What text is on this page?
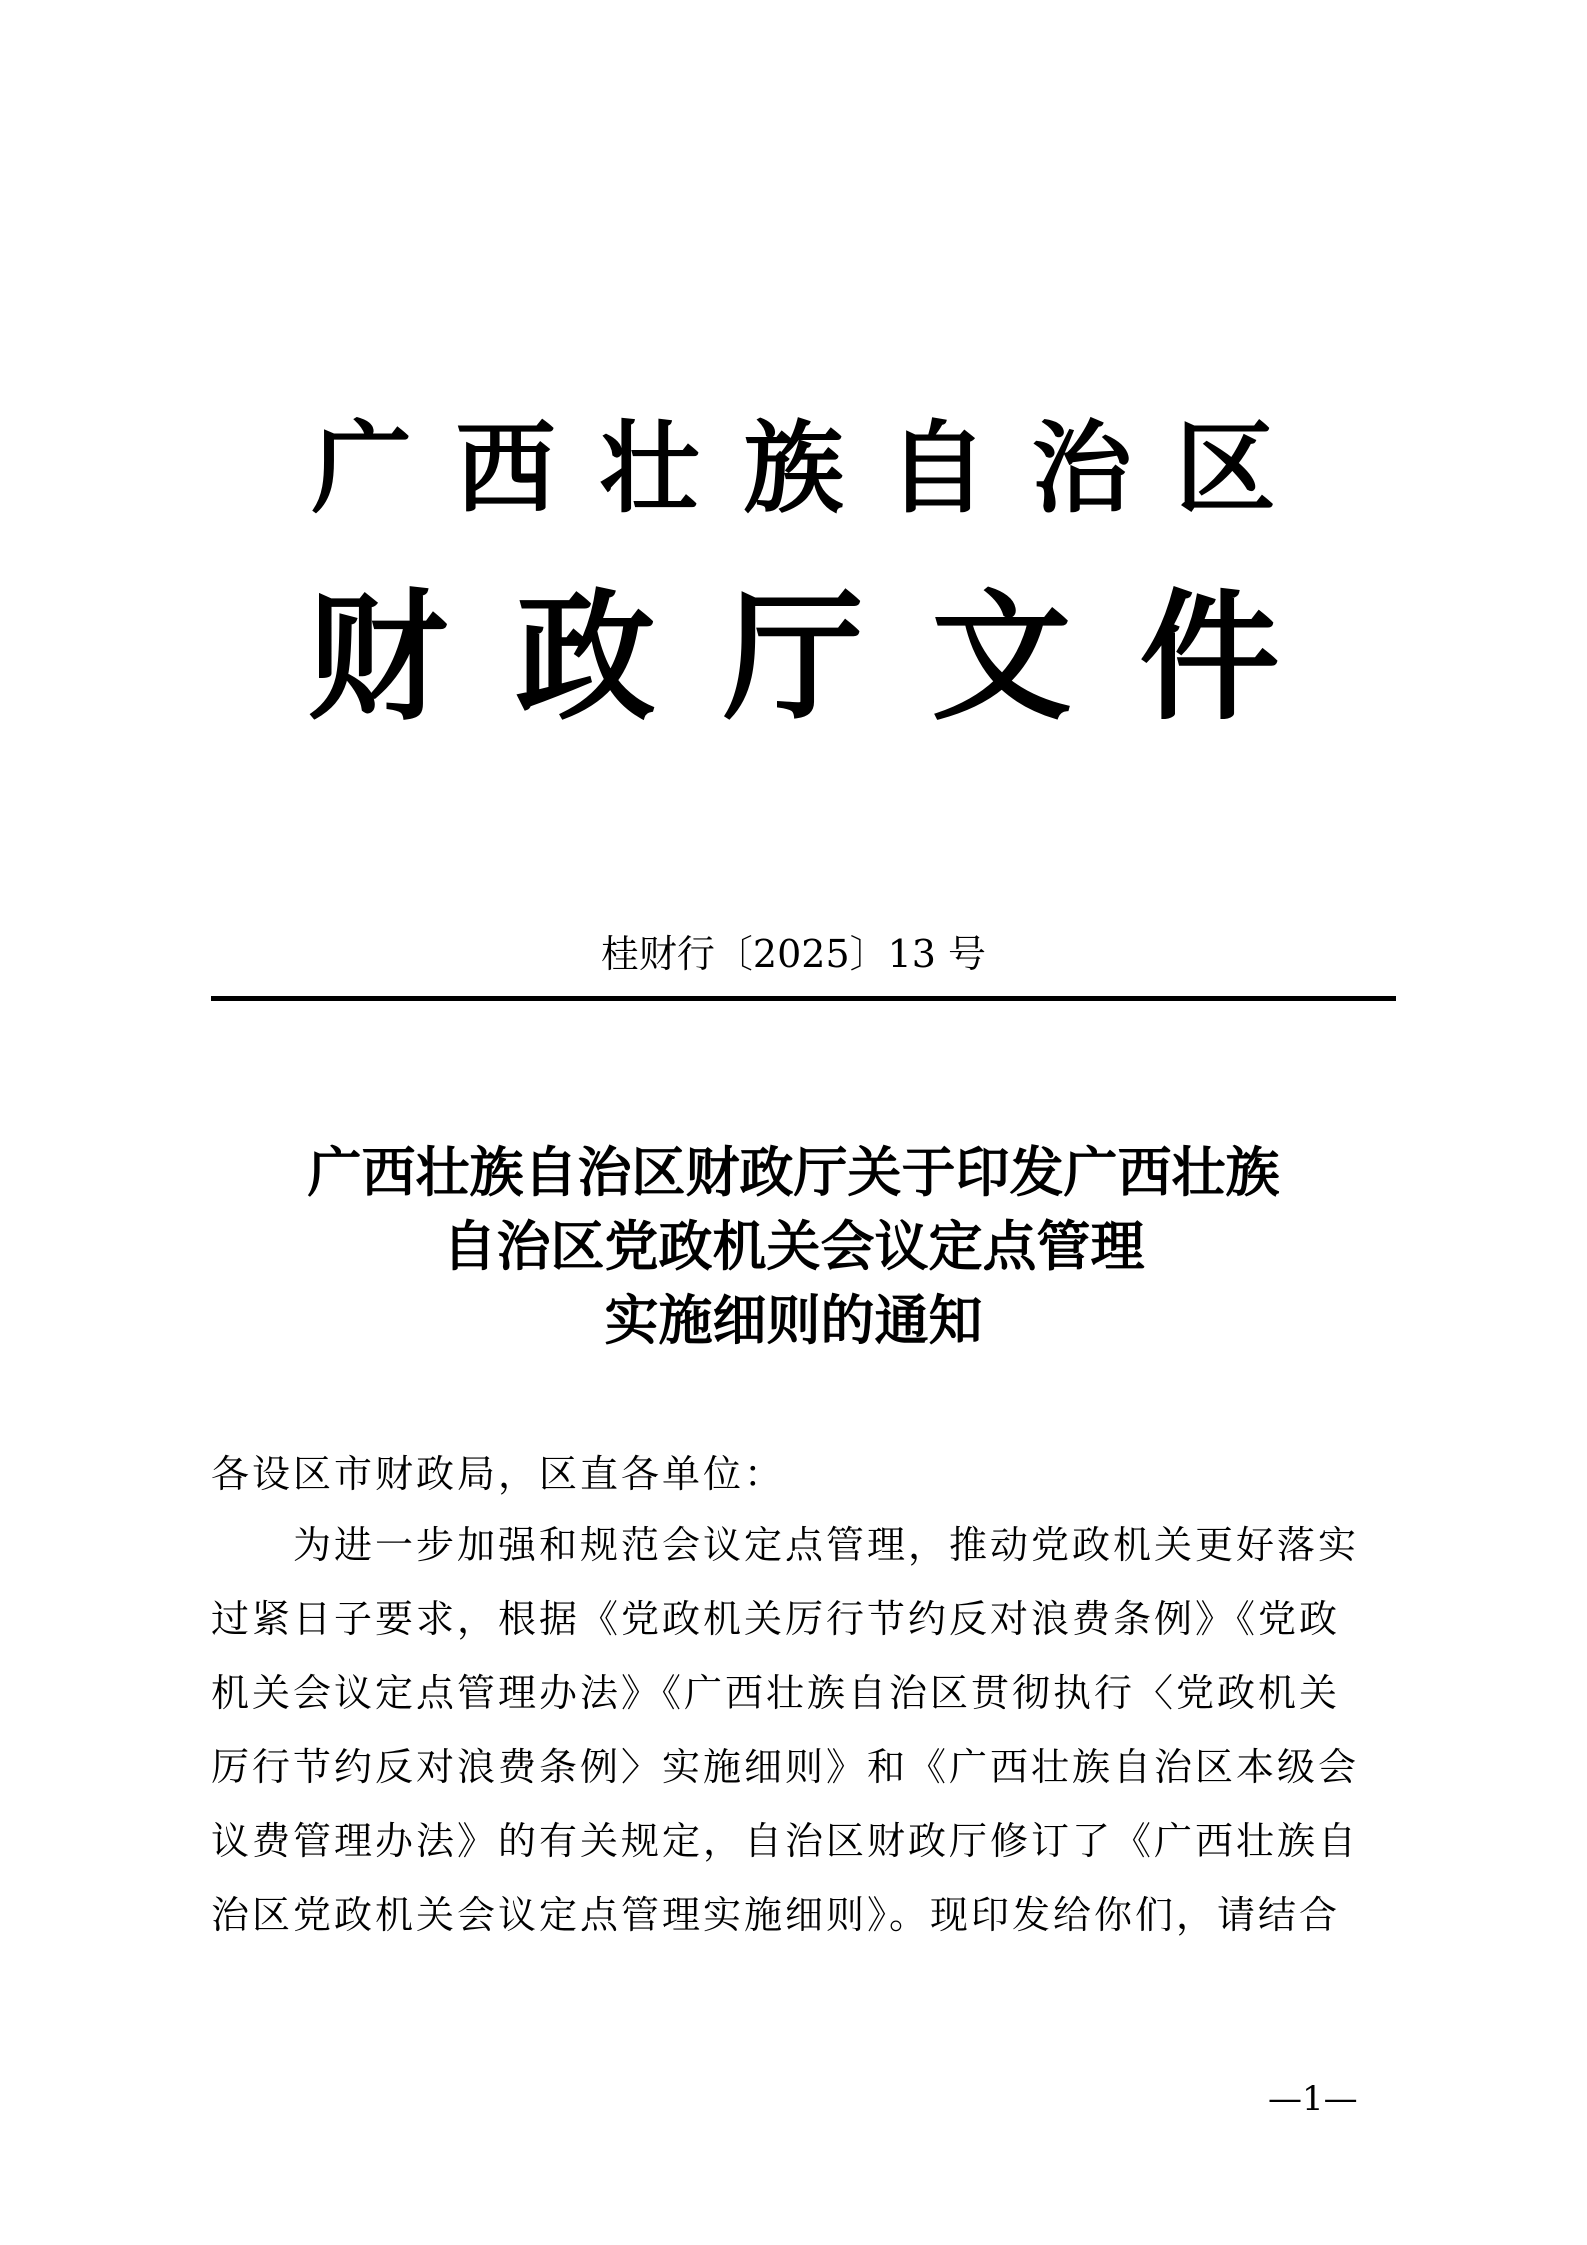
广西壮族自治区
财政厅文件
桂财行〔2025〕13 号
广西壮族自治区财政厅关于印发广西壮族
自治区党政机关会议定点管理
实施细则的通知
各设区市财政局，区直各单位：
　　为进一步加强和规范会议定点管理，推动党政机关更好落实
过紧日子要求，根据《党政机关厉行节约反对浪费条例》《党政
机关会议定点管理办法》《广西壮族自治区贯彻执行〈党政机关
厉行节约反对浪费条例〉实施细则》和《广西壮族自治区本级会
议费管理办法》的有关规定，自治区财政厅修订了《广西壮族自
治区党政机关会议定点管理实施细则》。现印发给你们，请结合
—1—
